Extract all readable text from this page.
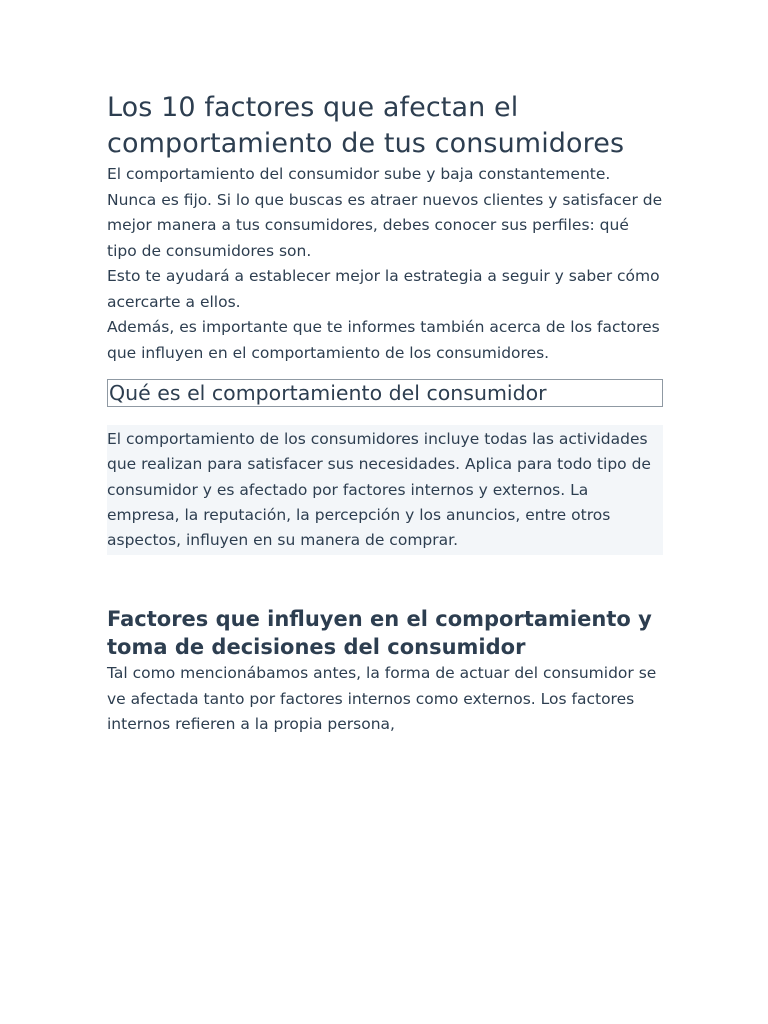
Los 10 factores que afectan el comportamiento de tus consumidores

El comportamiento del consumidor sube y baja constantemente. Nunca es fijo. Si lo que buscas es atraer nuevos clientes y satisfacer de mejor manera a tus consumidores, debes conocer sus perfiles: qué tipo de consumidores son.

Esto te ayudará a establecer mejor la estrategia a seguir y saber cómo acercarte a ellos.

Además, es importante que te informes también acerca de los factores que influyen en el comportamiento de los consumidores.

Qué es el comportamiento del consumidor

El comportamiento de los consumidores incluye todas las actividades que realizan para satisfacer sus necesidades. Aplica para todo tipo de consumidor y es afectado por factores internos y externos. La empresa, la reputación, la percepción y los anuncios, entre otros aspectos, influyen en su manera de comprar.

Factores que influyen en el comportamiento y toma de decisiones del consumidor

Tal como mencionábamos antes, la forma de actuar del consumidor se ve afectada tanto por factores internos como externos. Los factores internos refieren a la propia persona,
